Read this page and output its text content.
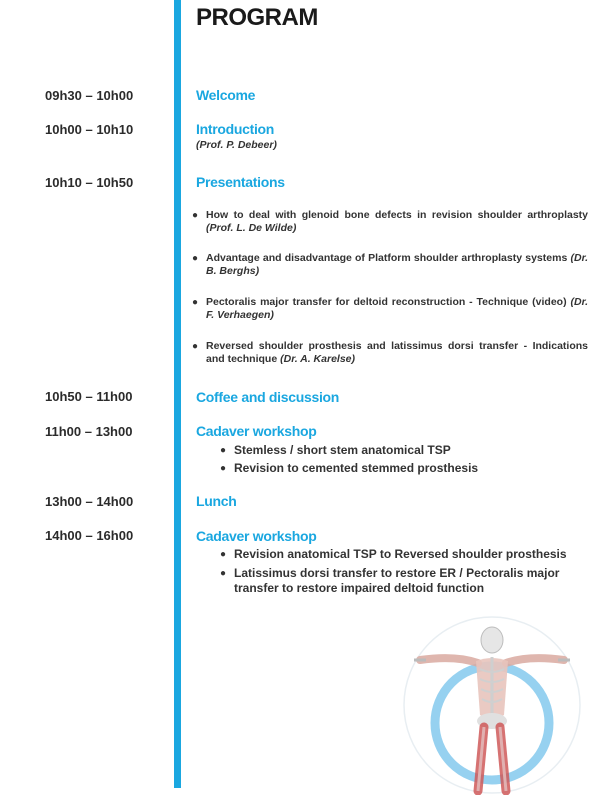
PROGRAM
09h30 – 10h00
10h00 – 10h10
10h10 – 10h50
10h50 – 11h00
11h00 – 13h00
13h00 – 14h00
14h00 – 16h00
Welcome
Introduction
(Prof. P. Debeer)
Presentations
● How to deal with glenoid bone defects in revision shoulder arthroplasty (Prof. L. De Wilde)
● Advantage and disadvantage of Platform shoulder arthroplasty systems (Dr. B. Berghs)
● Pectoralis major transfer for deltoid reconstruction - Technique (video) (Dr. F. Verhaegen)
● Reversed shoulder prosthesis and latissimus dorsi transfer - Indications and technique (Dr. A. Karelse)
Coffee and discussion
Cadaver workshop
● Stemless / short stem anatomical TSP
● Revision to cemented stemmed prosthesis
Lunch
Cadaver workshop
● Revision anatomical TSP to Reversed shoulder prosthesis
● Latissimus dorsi transfer to restore ER / Pectoralis major transfer to restore impaired deltoid function
